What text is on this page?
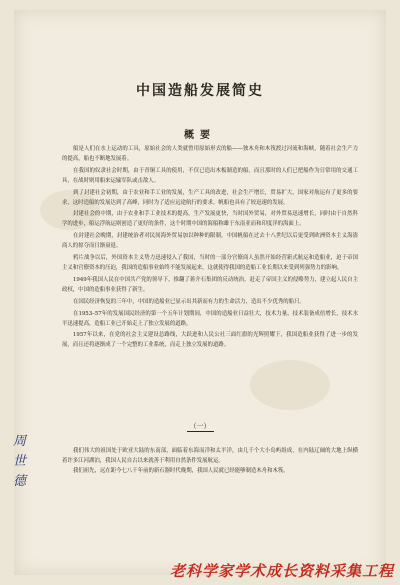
中国造船发展简史
概要

船是人们在水上运动的工具，原始社会的人类就曾用原始形式的船——独木舟和木筏渡过河流和海峡，随着社会生产力的提高，船也不断地发展着。

在我国的奴隶社会时期，由于青铜工具的使用，不仅已造出木板制造的船，而且那时的人们已把船作为日常用的交通工具，在战时则用船来运输军队或击敌人。

到了封建社会初期，由于农业和手工业的发展，生产工具的改进，社会生产增长，贸易扩大，国家对航运有了更多的要求，这时造船的发展达到了高峰，同时为了适应远途航行的要求，帆船也具有了较迅速的发展。

封建社会的中期，由于农业和手工业技术的提高，生产发展更快，当时国外贸易，对外贸易迅速增长，同时由于自然科学的进步，船运浮航运则创造了更好的条件，这个时期中国的海船称雄于东南亚而和印度洋的海面上。

在封建社会晚期，封建统治者对民间海外贸易加以种种的限制，中国帆船在过去十八世纪以后更受到欧洲资本主义海盗商人的掠夺而日渐衰退。

鸦片战争以后，外国资本主义势力迅速侵入了我国，当时的一部分官僚商人虽然开始经营新式航运和造船业，迫于帝国主义和官僚资本的压迫，我国的造船事业始终不能发展起来，这就使得我国的造船工业长期以来受到列强势力的影响。

1949年我国人民在中国共产党的领导下，推翻了蒋介石集团的反动统治，赶走了帝国主义的侵略势力，建立起人民自主政权，中国的造船事业获得了新生。

在国民经济恢复的三年中，中国的造船业已显示出其新而有力的生命活力，造出不少优秀的船只。

在1953–57年的发展国民经济的第一个五年计划期间，中国的造船业日益壮大，技术力量、技术装备成倍增长，技术水平迅速提高，造船工业已开始走上了独立发展的道路。

1957年以来，在党的社会主义建设总路线，大跃进和人民公社三面红旗的光辉照耀下，我国造船业获得了进一步的发展，而且还将逐渐成了一个完整的工业系统，而走上独立发展的道路。

（一）

我们伟大的祖国处于欧亚大陆的东南部，面临着东海而洋和太平洋，由几千个大小岛屿组成，在内陆辽阔的大地上纵横着许多江河湖泊，我国人民自古以来就善于利用自然条件发展航运。

我们祖先，远在距今七八千年前的新石器时代晚期，我国人民就已经能够制造木舟和木筏。

周世德
老科学家学术成长资料采集工程
